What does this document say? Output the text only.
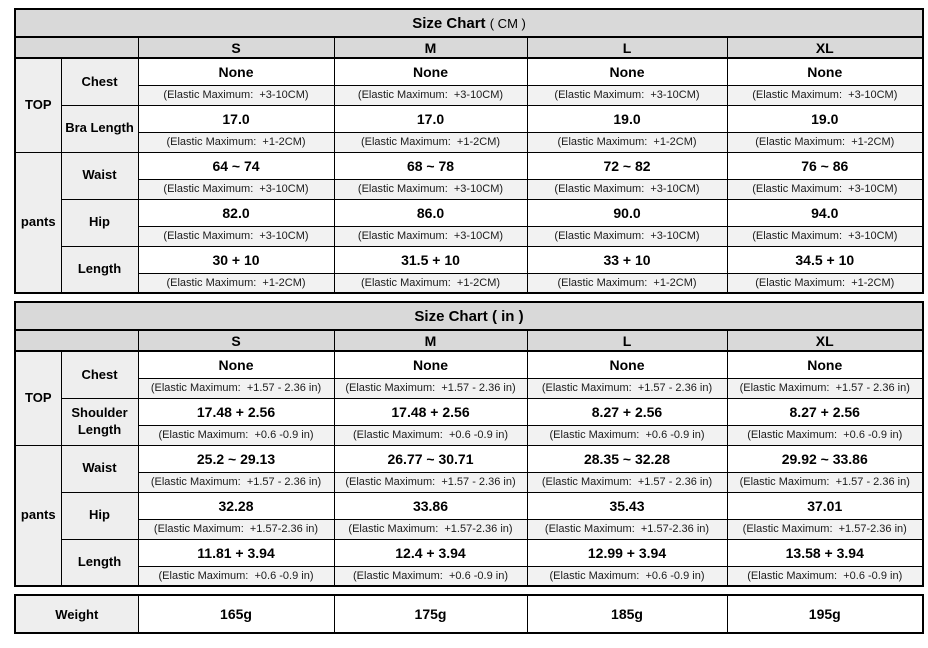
Size Chart ( CM )					
		S	M	L	XL
TOP	Chest	None	None	None	None
		(Elastic Maximum:  +3-10CM)	(Elastic Maximum:  +3-10CM)	(Elastic Maximum:  +3-10CM)	(Elastic Maximum:  +3-10CM)
	Bra Length	17.0	17.0	19.0	19.0
		(Elastic Maximum:  +1-2CM)	(Elastic Maximum:  +1-2CM)	(Elastic Maximum:  +1-2CM)	(Elastic Maximum:  +1-2CM)
pants	Waist	64 ~ 74	68 ~ 78	72 ~ 82	76 ~ 86
		(Elastic Maximum:  +3-10CM)	(Elastic Maximum:  +3-10CM)	(Elastic Maximum:  +3-10CM)	(Elastic Maximum:  +3-10CM)
	Hip	82.0	86.0	90.0	94.0
		(Elastic Maximum:  +3-10CM)	(Elastic Maximum:  +3-10CM)	(Elastic Maximum:  +3-10CM)	(Elastic Maximum:  +3-10CM)
	Length	30 + 10	31.5 + 10	33 + 10	34.5 + 10
		(Elastic Maximum:  +1-2CM)	(Elastic Maximum:  +1-2CM)	(Elastic Maximum:  +1-2CM)	(Elastic Maximum:  +1-2CM)
Size Chart ( in )					
		S	M	L	XL
TOP	Chest	None	None	None	None
		(Elastic Maximum:  +1.57 - 2.36 in)	(Elastic Maximum:  +1.57 - 2.36 in)	(Elastic Maximum:  +1.57 - 2.36 in)	(Elastic Maximum:  +1.57 - 2.36 in)
	Shoulder Length	17.48 + 2.56	17.48 + 2.56	8.27 + 2.56	8.27 + 2.56
		(Elastic Maximum:  +0.6 -0.9 in)	(Elastic Maximum:  +0.6 -0.9 in)	(Elastic Maximum:  +0.6 -0.9 in)	(Elastic Maximum:  +0.6 -0.9 in)
pants	Waist	25.2 ~ 29.13	26.77 ~ 30.71	28.35 ~ 32.28	29.92 ~ 33.86
		(Elastic Maximum:  +1.57 - 2.36 in)	(Elastic Maximum:  +1.57 - 2.36 in)	(Elastic Maximum:  +1.57 - 2.36 in)	(Elastic Maximum:  +1.57 - 2.36 in)
	Hip	32.28	33.86	35.43	37.01
		(Elastic Maximum:  +1.57-2.36 in)	(Elastic Maximum:  +1.57-2.36 in)	(Elastic Maximum:  +1.57-2.36 in)	(Elastic Maximum:  +1.57-2.36 in)
	Length	11.81 + 3.94	12.4 + 3.94	12.99 + 3.94	13.58 + 3.94
		(Elastic Maximum:  +0.6 -0.9 in)	(Elastic Maximum:  +0.6 -0.9 in)	(Elastic Maximum:  +0.6 -0.9 in)	(Elastic Maximum:  +0.6 -0.9 in)
Weight	165g	175g	185g	195g
